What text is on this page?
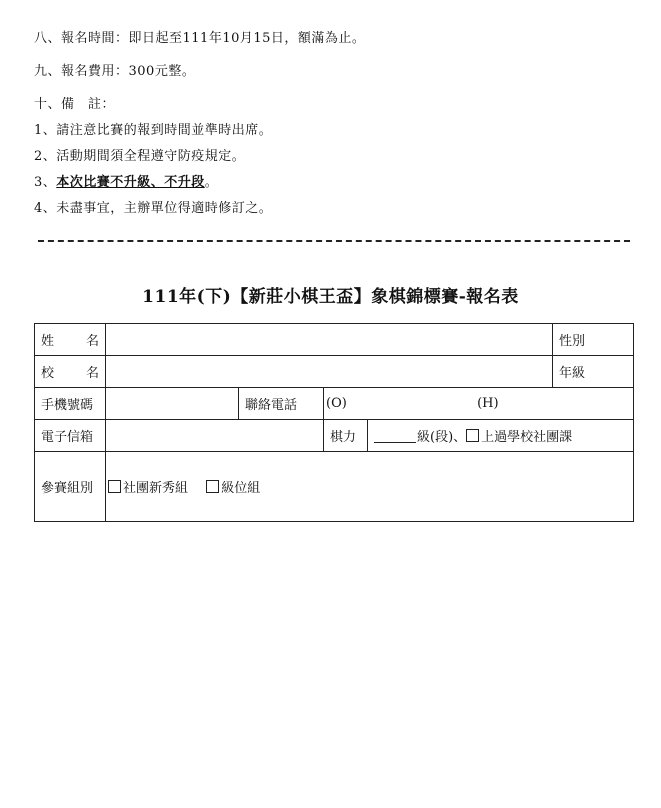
八、報名時間：即日起至111年10月15日，額滿為止。
九、報名費用：300元整。
十、備　註：
1、請注意比賽的報到時間並準時出席。
2、活動期間須全程遵守防疫規定。
3、本次比賽不升級、不升段。
4、未盡事宜，主辦單位得適時修訂之。
111年(下)【新莊小棋王盃】象棋錦標賽-報名表
姓 名					性別

校 名					年級
手機號碼		聯絡電話	(O) (H)		
電子信箱			棋力	級(段)、 上過學校社團課	
參賽組別	社團新秀組 級位組				
